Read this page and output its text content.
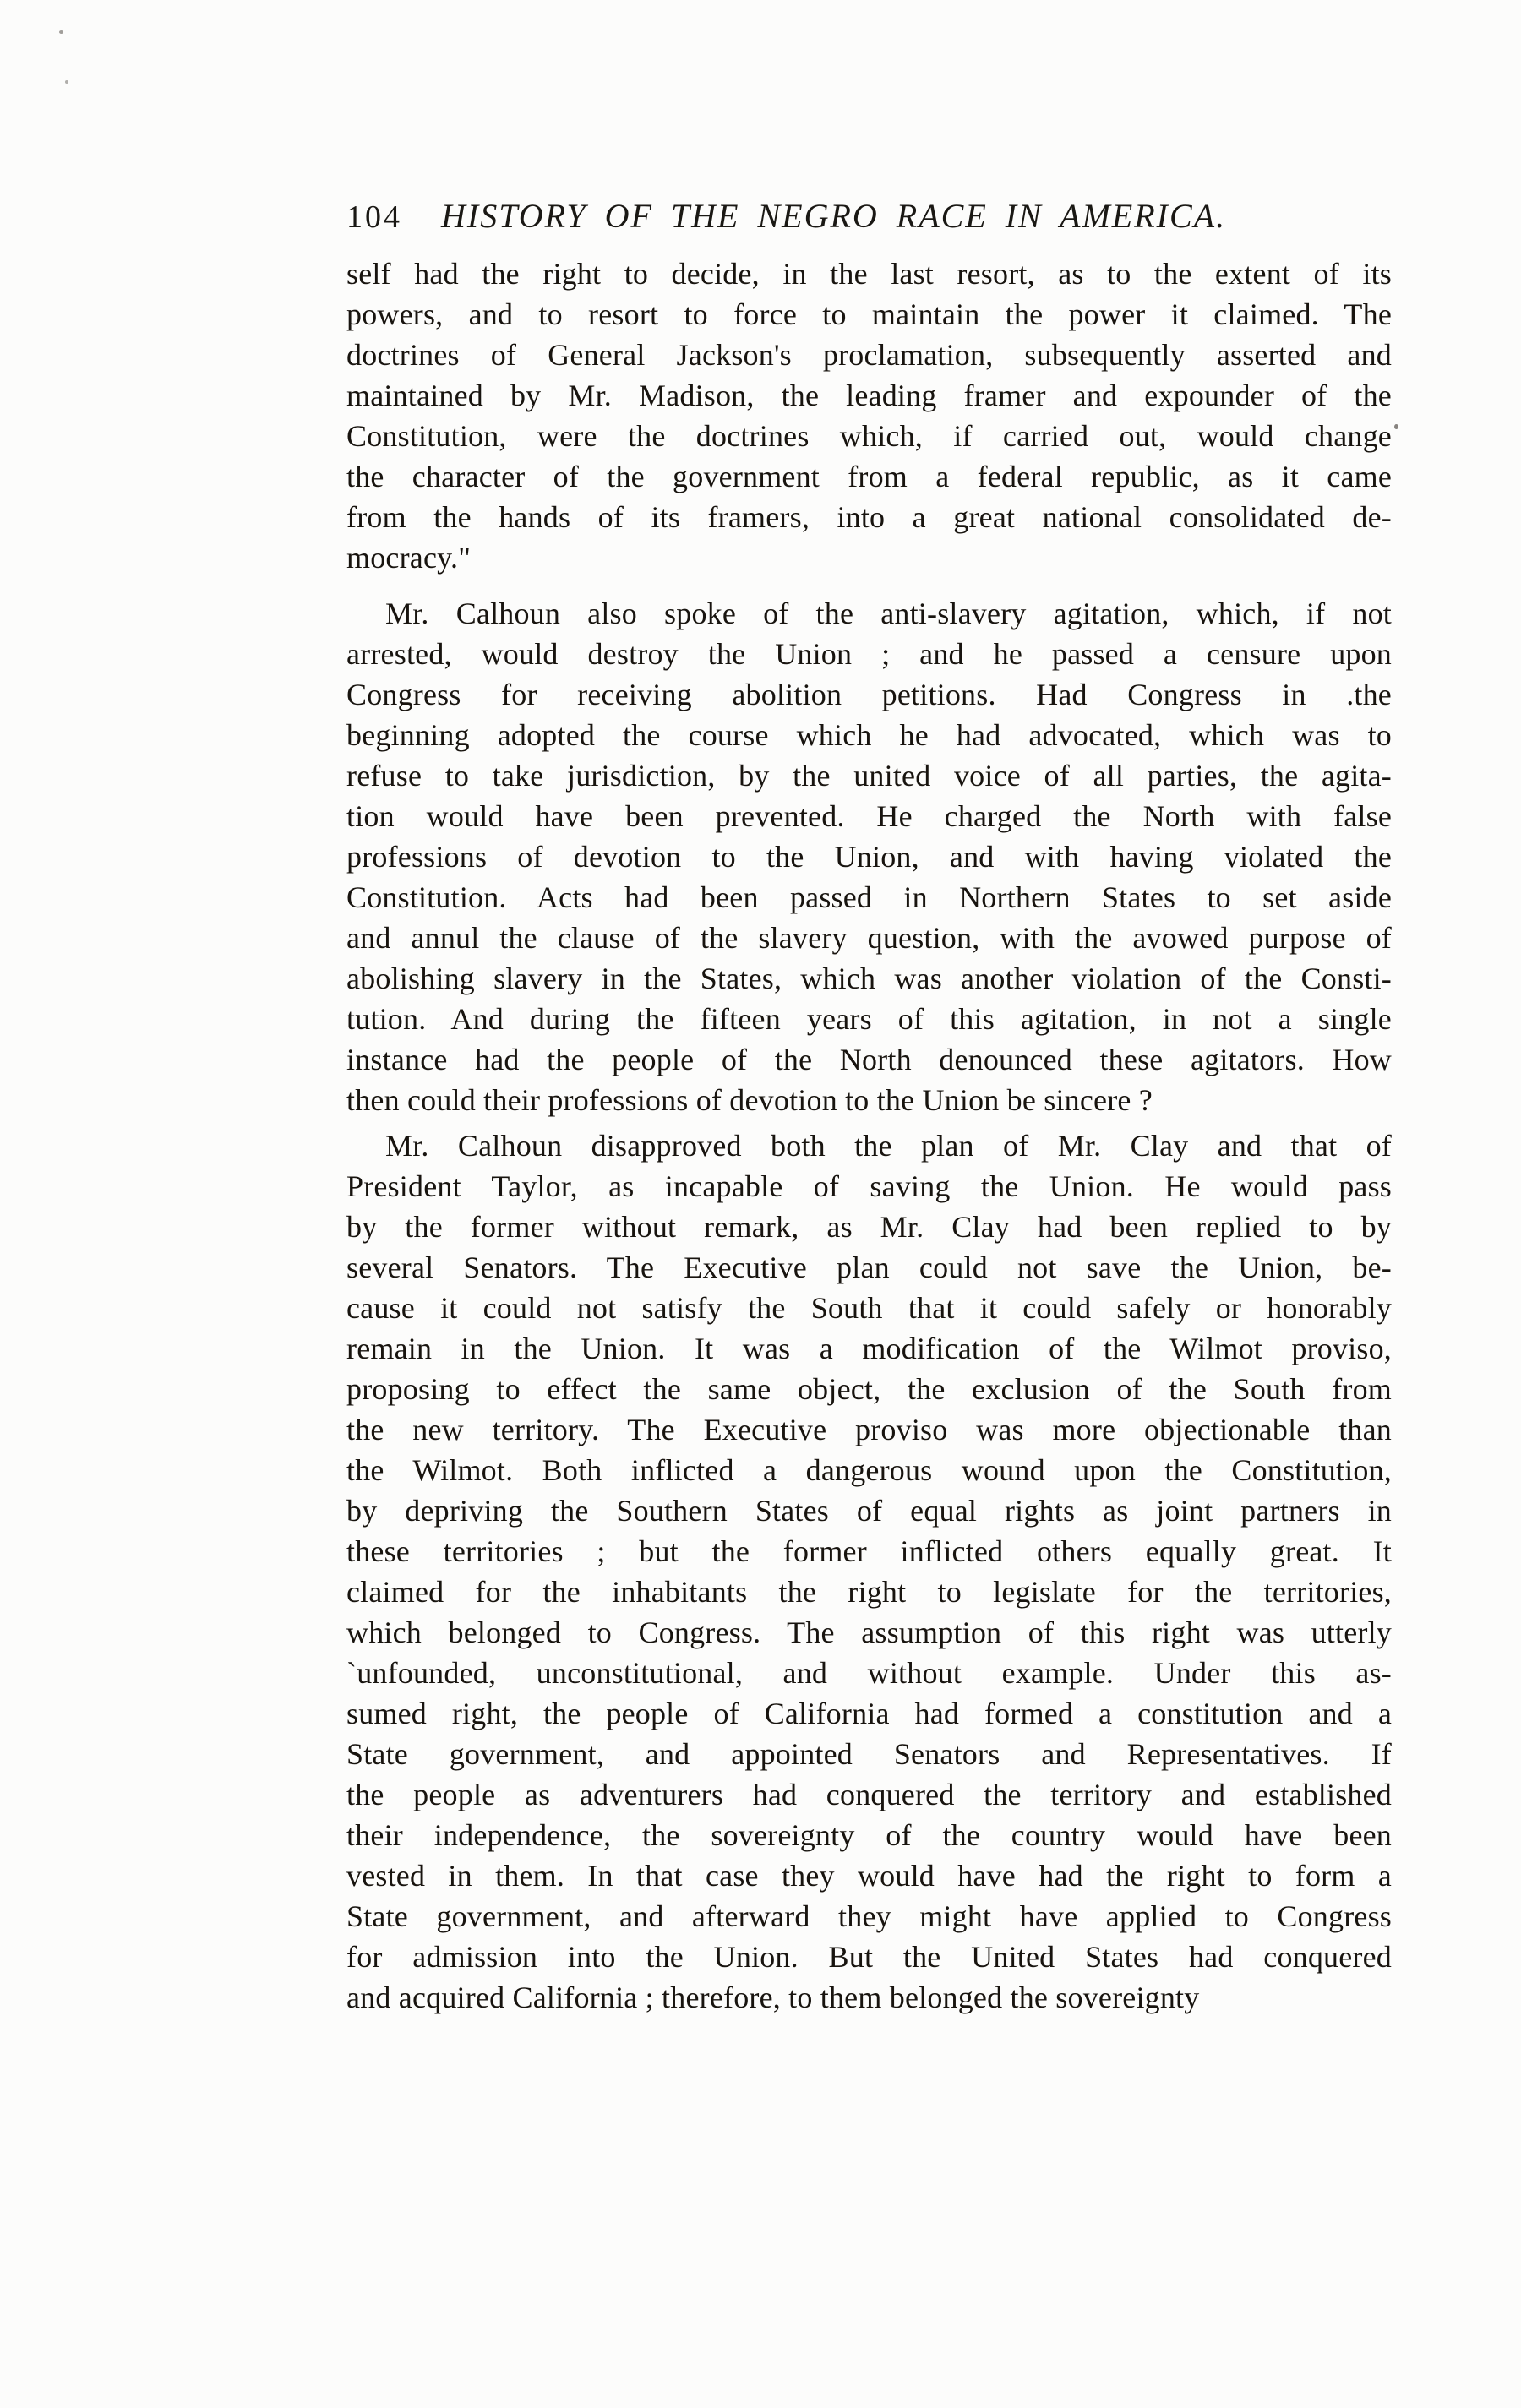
104 HISTORY OF THE NEGRO RACE IN AMERICA.
self had the right to decide, in the last resort, as to the extent of its
powers, and to resort to force to maintain the power it claimed. The
doctrines of General Jackson's proclamation, subsequently asserted and
maintained by Mr. Madison, the leading framer and expounder of the
Constitution, were the doctrines which, if carried out, would change
the character of the government from a federal republic, as it came
from the hands of its framers, into a great national consolidated de-
mocracy."
Mr. Calhoun also spoke of the anti-slavery agitation, which, if not
arrested, would destroy the Union ; and he passed a censure upon
Congress for receiving abolition petitions. Had Congress in .the
beginning adopted the course which he had advocated, which was to
refuse to take jurisdiction, by the united voice of all parties, the agita-
tion would have been prevented. He charged the North with false
professions of devotion to the Union, and with having violated the
Constitution. Acts had been passed in Northern States to set aside
and annul the clause of the slavery question, with the avowed purpose of
abolishing slavery in the States, which was another violation of the Consti-
tution. And during the fifteen years of this agitation, in not a single
instance had the people of the North denounced these agitators. How
then could their professions of devotion to the Union be sincere ?
Mr. Calhoun disapproved both the plan of Mr. Clay and that of
President Taylor, as incapable of saving the Union. He would pass
by the former without remark, as Mr. Clay had been replied to by
several Senators. The Executive plan could not save the Union, be-
cause it could not satisfy the South that it could safely or honorably
remain in the Union. It was a modification of the Wilmot proviso,
proposing to effect the same object, the exclusion of the South from
the new territory. The Executive proviso was more objectionable than
the Wilmot. Both inflicted a dangerous wound upon the Constitution,
by depriving the Southern States of equal rights as joint partners in
these territories ; but the former inflicted others equally great. It
claimed for the inhabitants the right to legislate for the territories,
which belonged to Congress. The assumption of this right was utterly
`unfounded, unconstitutional, and without example. Under this as-
sumed right, the people of California had formed a constitution and a
State government, and appointed Senators and Representatives. If
the people as adventurers had conquered the territory and established
their independence, the sovereignty of the country would have been
vested in them. In that case they would have had the right to form a
State government, and afterward they might have applied to Congress
for admission into the Union. But the United States had conquered
and acquired California ; therefore, to them belonged the sovereignty
